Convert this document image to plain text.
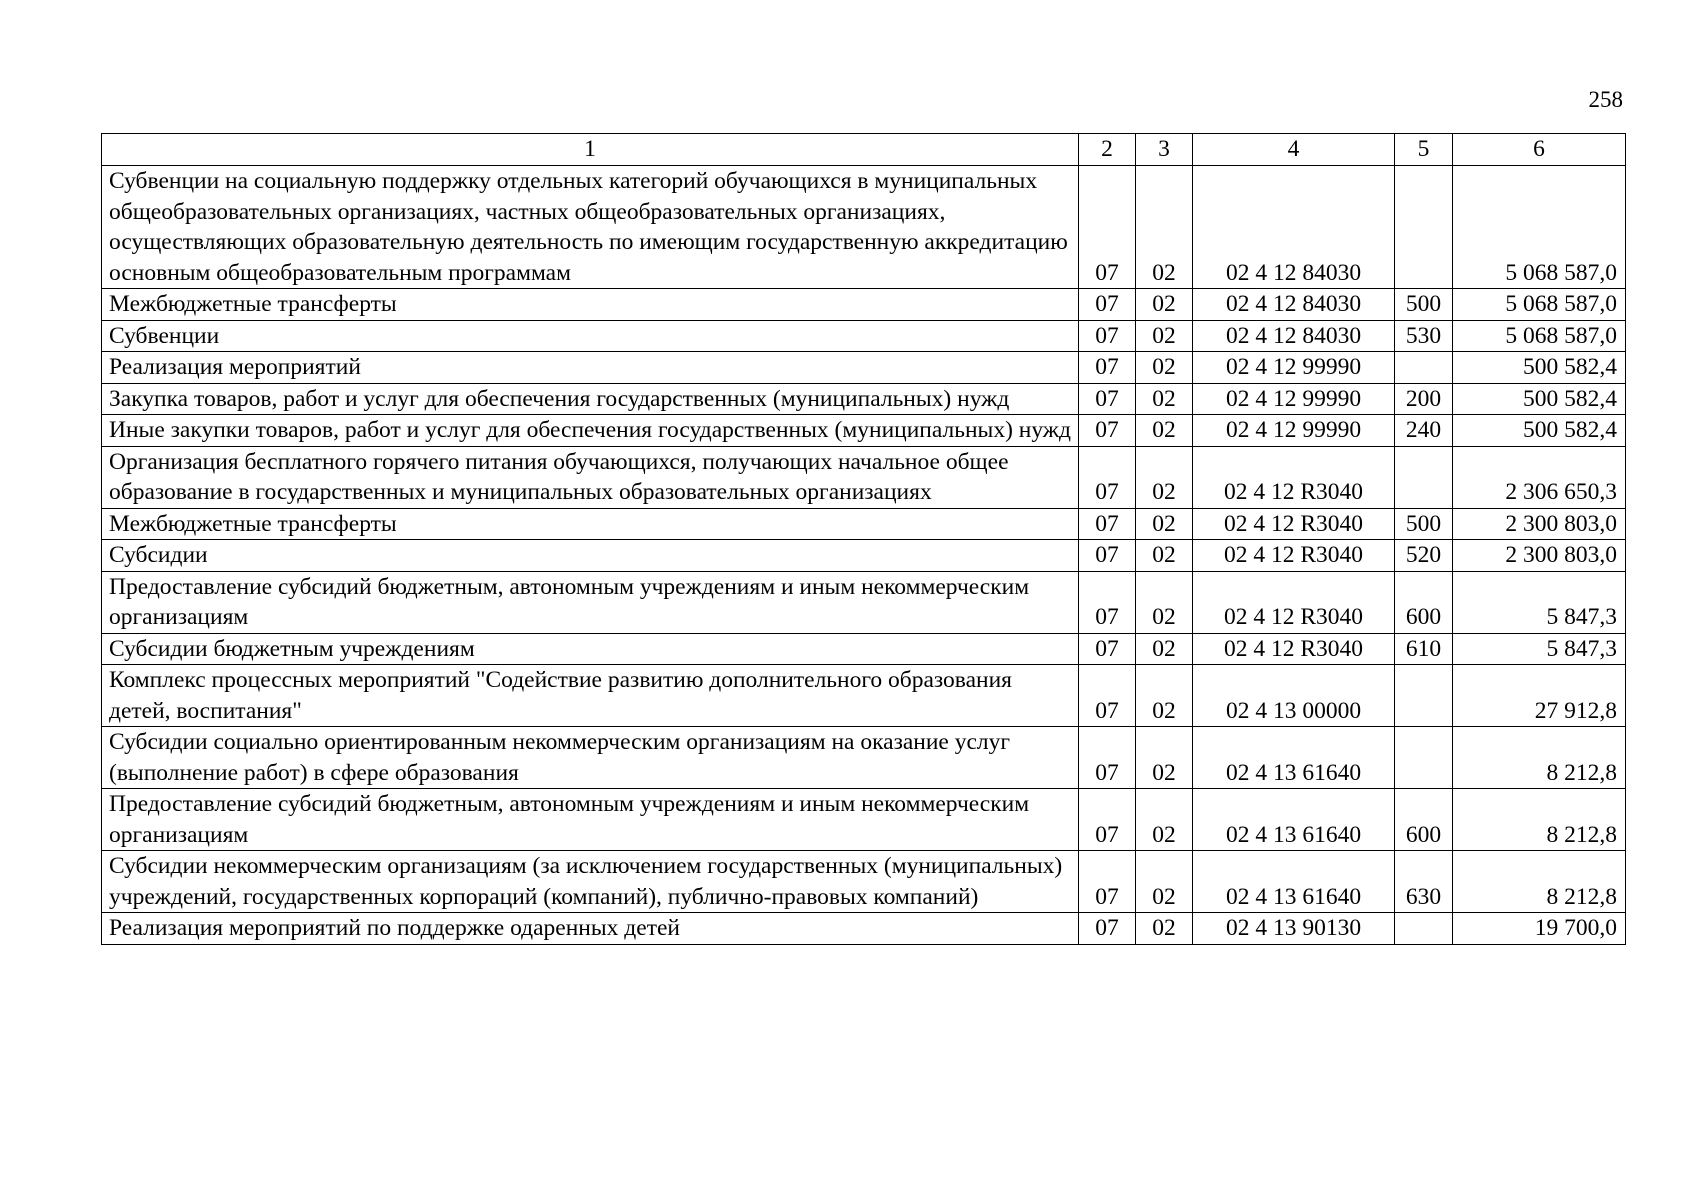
258
1	2	3	4	5	6
Субвенции на социальную поддержку отдельных категорий обучающихся в муниципальных общеобразовательных организациях, частных общеобразовательных организациях, осуществляющих образовательную деятельность по имеющим государственную аккредитацию основным общеобразовательным программам	07	02	02 4 12 84030		5 068 587,0
Межбюджетные трансферты	07	02	02 4 12 84030	500	5 068 587,0
Субвенции	07	02	02 4 12 84030	530	5 068 587,0
Реализация мероприятий	07	02	02 4 12 99990		500 582,4
Закупка товаров, работ и услуг для обеспечения государственных (муниципальных) нужд	07	02	02 4 12 99990	200	500 582,4
Иные закупки товаров, работ и услуг для обеспечения государственных (муниципальных) нужд	07	02	02 4 12 99990	240	500 582,4
Организация бесплатного горячего питания обучающихся, получающих начальное общее образование в государственных и муниципальных образовательных организациях	07	02	02 4 12 R3040		2 306 650,3
Межбюджетные трансферты	07	02	02 4 12 R3040	500	2 300 803,0
Субсидии	07	02	02 4 12 R3040	520	2 300 803,0
Предоставление субсидий бюджетным, автономным учреждениям и иным некоммерческим организациям	07	02	02 4 12 R3040	600	5 847,3
Субсидии бюджетным учреждениям	07	02	02 4 12 R3040	610	5 847,3
Комплекс процессных мероприятий "Содействие развитию дополнительного образования детей, воспитания"	07	02	02 4 13 00000		27 912,8
Субсидии социально ориентированным некоммерческим организациям на оказание услуг (выполнение работ) в сфере образования	07	02	02 4 13 61640		8 212,8
Предоставление субсидий бюджетным, автономным учреждениям и иным некоммерческим организациям	07	02	02 4 13 61640	600	8 212,8
Субсидии некоммерческим организациям (за исключением государственных (муниципальных) учреждений, государственных корпораций (компаний), публично-правовых компаний)	07	02	02 4 13 61640	630	8 212,8
Реализация мероприятий по поддержке одаренных детей	07	02	02 4 13 90130		19 700,0
